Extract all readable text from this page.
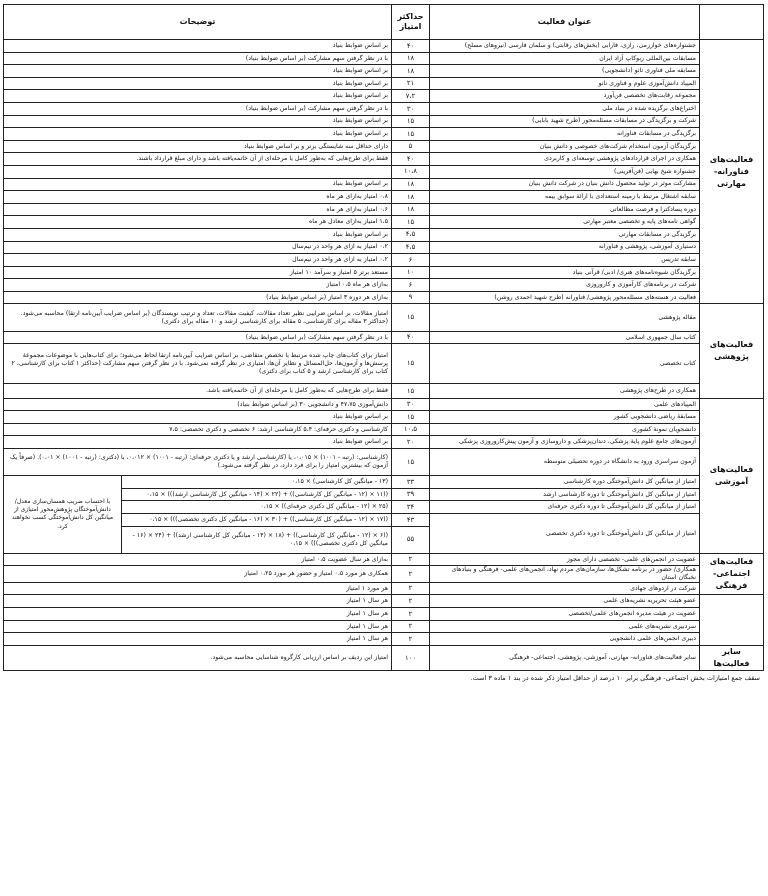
	عنوان فعالیت	حداکثر امتیاز	توضیحات	
فعالیت‌های فناورانه- مهارتی	جشنواره‌های خوارزمی، رازی، فارابی (بخش‌های رقابتی) و سلمان فارسی (نیروهای مسلح)	۴۰	بر اساس ضوابط بنیاد	
	مسابقات بین‌المللی ربوکاپ آزاد ایران	۱۸	با در نظر گرفتن سهم مشارکت (بر اساس ضوابط بنیاد)	
	مسابقه ملی فناوری نانو (دانشجویی)	۱۸	بر اساس ضوابط بنیاد	
	المپیاد دانش‌آموزی علوم و فناوری نانو	۲۱	بر اساس ضوابط بنیاد	
	مجموعه رقابت‌های تخصصی فن‌آورد	۷،۲	بر اساس ضوابط بنیاد	
	اختراع‌های برگزیده شده در بنیاد ملی	۳۰	با در نظر گرفتن سهم مشارکت (بر اساس ضوابط بنیاد)	
	شرکت و برگزیدگی در مسابقات مسئله‌محور (طرح شهید بابایی)	۱۵	بر اساس ضوابط بنیاد	
	برگزیدگی در مسابقات فناورانه	۱۵	بر اساس ضوابط بنیاد	
	برگزیدگان آزمون استخدام شرکت‌های خصوصی و دانش بنیان	۵	دارای حداقل سه شایستگی برتر و بر اساس ضوابط بنیاد	
	همکاری در اجرای قراردادهای پژوهشی توسعه‌ای و کاربردی	۴۰	فقط برای طرح‌هایی که به‌طور کامل یا مرحله‌ای از آن خاتمه‌یافته باشد و دارای مبلغ قرارداد باشند.	
	جشنواره شیخ بهایی (فن‌آفرینی)	۱۰،۸		
	مشارکت موثر در تولید محصول دانش بنیان در شرکت دانش بنیان	۱۸	بر اساس ضوابط بنیاد	
	سابقه اشتغال مرتبط با زمینه استعدادی با ارائهٔ سوابق بیمه	۱۸	۰،۸ امتیاز به‌ازای هر ماه	
	دوره پسادکترا و فرصت مطالعاتی	۱۸	۰،۶ امتیاز به‌ازای هر ماه	
	گواهی نامه‌های پایه و تخصصی معتبر مهارتی	۱۵	۱،۵ امتیاز به‌ازای معادل هر ماه	
	برگزیدگی در مسابقات مهارتی	۴،۵	بر اساس ضوابط بنیاد	
	دستیاری آموزشی، پژوهشی و فناورانه	۴،۵	۰،۲ امتیاز به ازای هر واحد در نیم‌سال	
	سابقه تدریس	۶	۰،۲ امتیاز به ازای هر واحد در نیم‌سال	
	برگزیدگان شیوه‌نامه‌های هنری/ ادبی/ قرآنی بنیاد	۱۰	مستعد برتر ۵ امتیاز و سرآمد ۱۰ امتیاز	
	شرکت در برنامه‌های کارآموزی و کاروروزی	۶	به‌ازای هر ماه ۰،۵ امتیاز	
	فعالیت در هسته‌های مسئله‌محور پژوهشی/ فناورانه (طرح شهید احمدی روشن)	۹	به‌ازای هر دوره ۳ امتیاز (بر اساس ضوابط بنیاد)	
فعالیت‌های پژوهشی	مقاله پژوهشی	۱۵	امتیاز مقالات، بر اساس ضرایبی نظیر تعداد مقالات، کیفیت مقالات، تعداد و ترتیب نویسندگان (بر اساس ضرایب آیین‌نامه ارتقا) محاسبه می‌شود. (حداکثر ۳ مقاله برای کارشناسی، ۵ مقاله برای کارشناسی ارشد و ۱۰ مقاله برای دکتری)	
	کتاب سال جمهوری اسلامی	۴۰	با در نظر گرفتن سهم مشارکت (بر اساس ضوابط بنیاد)	
	کتاب تخصصی	۱۵	امتیاز برای کتاب‌های چاپ شده مرتبط با تخصص متقاضی، بر اساس ضرایب آیین‌نامه ارتقا لحاظ می‌شود؛ برای کتاب‌هایی با موضوعات مجموعهٔ پرسش‌ها و آزمون‌ها، حل‌المسائل و نظایر آن‌ها، امتیازی در نظر گرفته نمی‌شود. با در نظر گرفتن سهم مشارکت (حداکثر ۱ کتاب برای کارشناسی، ۲ کتاب برای کارشناسی ارشد و ۵ کتاب برای دکتری)	
	همکاری در طرح‌های پژوهشی	۱۵	فقط برای طرح‌هایی که به‌طور کامل یا مرحله‌ای از آن خاتمه‌یافته باشد.	
فعالیت‌های آموزشی	المپیادهای علمی	۳۰	دانش‌آموزی ۴۷،۷۵ و دانشجویی ۳۰ (بر اساس ضوابط بنیاد)	
	مسابقهٔ ریاضی دانشجویی کشور	۱۵	بر اساس ضوابط بنیاد	
	دانشجویان نمونهٔ کشوری	۱۰،۵	کارشناسی و دکتری حرفه‌ای: ۵،۴ کارشناسی ارشد: ۶ تخصصی و دکتری تخصصی: ۷،۵	
	آزمون‌های جامع علوم پایهٔ پزشکی، دندان‌پزشکی و داروسازی و آزمون پیش‌کاروروزی پزشکی	۲۰	بر اساس ضوابط بنیاد	
	آزمون سراسری ورود به دانشگاه در دوره تحصیلی متوسطه	۱۵	(کارشناسی: (رتبه - ۱۰۰۱) × ۰،۰۱۵، یا (کارشناسی ارشد و یا دکتری حرفه‌ای: (رتبه - ۱۰۰۱) × ۰،۰۱۲، یا (دکتری: (رتبه - ۱۰۰۱) × ۰،۰۱). (صرفاً یک آزمون که بیشترین امتیاز را برای فرد دارد، در نظر گرفته می‌شود.)	
	امتیاز از میانگین کل دانش‌آموختگی دوره کارشناسی	۳۳	(۱۳ - میانگین کل کارشناسی) × ۰،۱۵	با احتساب ضریب همسان‌سازی معدل/ دانش‌آموختگان پژوهش‌محور امتیازی از میانگین کل دانش‌آموختگی کسب نخواهند کرد.
	امتیاز از میانگین کل دانش‌آموختگی تا دوره کارشناسی ارشد	۳۹	((۱۱ × (۱۲ - میانگین کل کارشناسی)) + (۲۲ × (۱۴ - میانگین کل کارشناسی ارشد))) × ۰،۱۵	
	امتیاز از میانگین کل دانش‌آموختگی تا دوره دکتری حرفه‌ای	۳۴	(۲۵ × (۱۲ - میانگین کل دکتری حرفه‌ای)) × ۰،۱۵	
	امتیاز از میانگین کل دانش‌آموختگی تا دوره دکتری تخصصی	۴۳	((۱۷ × (۱۲ - میانگین کل کارشناسی)) + (۳۰ × (۱۶ - میانگین کل دکتری تخصصی))) × ۰،۱۵	
		۵۵	((۶ × (۱۲ - میانگین کل کارشناسی)) + (۱۸ × (۱۴ - میانگین کل کارشناسی ارشد)) + (۲۴ × (۱۶ - میانگین کل دکتری تخصصی))) × ۰،۱۵	
فعالیت‌های اجتماعی- فرهنگی	عضویت در انجمن‌های علمی- تخصصی دارای مجوز	۲	به‌ازای هر سال عضویت ۰،۵ امتیاز	
	همکاری/ حضور در برنامه تشکل‌ها، سازمان‌های مردم نهاد، انجمن‌های علمی- فرهنگی و بنیادهای نخبگان استان	۲	همکاری هر مورد ۰،۵ امتیاز و حضور هر مورد ۰،۲۵ امتیاز	
	شرکت در اردوهای جهادی	۲	هر مورد ۱ امتیاز	
	عضو هیئت تحریریه نشریه‌های علمی	۲	هر سال ۱ امتیاز	
	عضویت در هیئت مدیره انجمن‌های علمی/تخصصی	۲	هر سال ۱ امتیاز	
	سردبیری نشریه‌های علمی	۲	هر سال ۱ امتیاز	
	دبیری انجمن‌های علمی دانشجویی	۲	هر سال ۱ امتیاز	
سایر فعالیت‌ها	سایر فعالیت‌های فناورانه- مهارتی، آموزشی، پژوهشی، اجتماعی- فرهنگی	۱۰۰	امتیاز این ردیف بر اساس ارزیابی کارگروه شناسایی محاسبه می‌شود.	
سقف جمع امتیازات بخش اجتماعی- فرهنگی برابر ۱۰ درصد از حداقل امتیاز ذکر شده در بند ۱ ماده ۳ است.
